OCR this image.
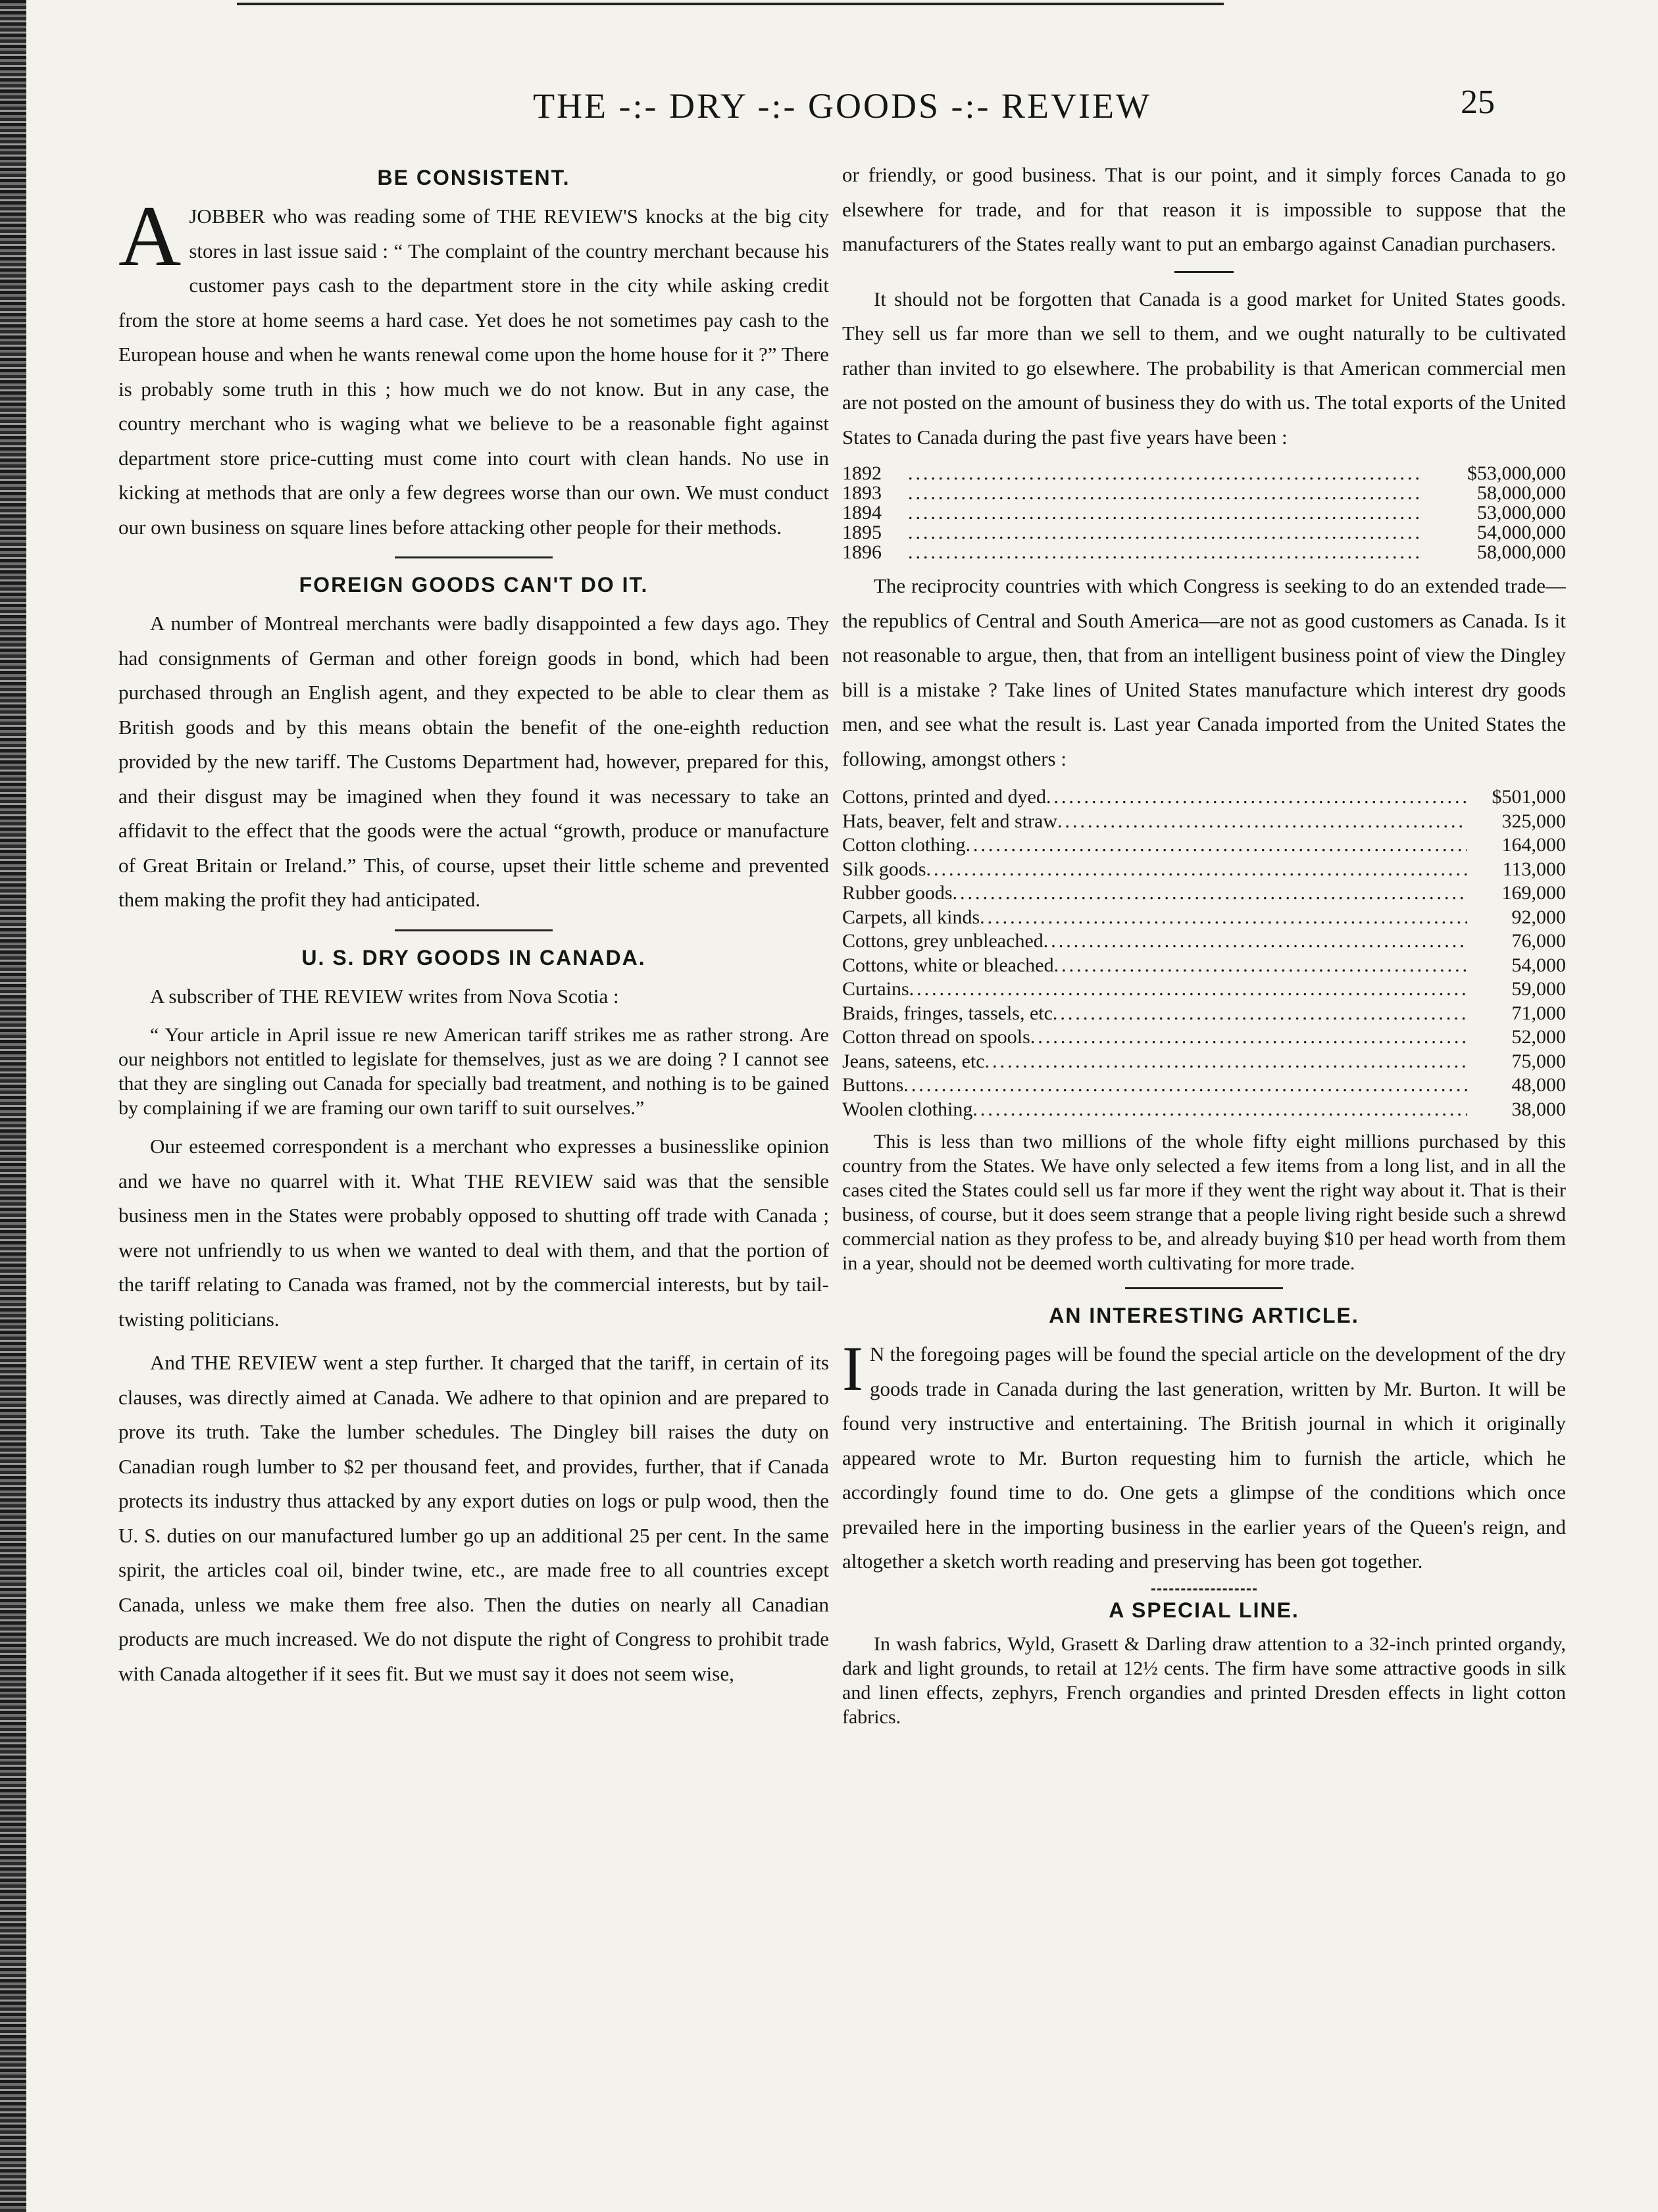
THE -:- DRY -:- GOODS -:- REVIEW	25
BE CONSISTENT.

AJOBBER who was reading some of THE REVIEW'S knocks at the big city stores in last issue said : “ The complaint of the country merchant because his customer pays cash to the department store in the city while asking credit from the store at home seems a hard case. Yet does he not sometimes pay cash to the European house and when he wants renewal come upon the home house for it ?” There is probably some truth in this ; how much we do not know. But in any case, the country merchant who is waging what we believe to be a reasonable fight against department store price-cutting must come into court with clean hands. No use in kicking at methods that are only a few degrees worse than our own. We must conduct our own business on square lines before attacking other people for their methods.

FOREIGN GOODS CAN'T DO IT.

A number of Montreal merchants were badly disappointed a few days ago. They had consignments of German and other foreign goods in bond, which had been purchased through an English agent, and they expected to be able to clear them as British goods and by this means obtain the benefit of the one-eighth reduction provided by the new tariff. The Customs Department had, however, prepared for this, and their disgust may be imagined when they found it was necessary to take an affidavit to the effect that the goods were the actual “growth, produce or manufacture of Great Britain or Ireland.” This, of course, upset their little scheme and prevented them making the profit they had anticipated.

U. S. DRY GOODS IN CANADA.

A subscriber of THE REVIEW writes from Nova Scotia :

“ Your article in April issue re new American tariff strikes me as rather strong. Are our neighbors not entitled to legislate for themselves, just as we are doing ? I cannot see that they are singling out Canada for specially bad treatment, and nothing is to be gained by complaining if we are framing our own tariff to suit ourselves.”

Our esteemed correspondent is a merchant who expresses a businesslike opinion and we have no quarrel with it. What THE REVIEW said was that the sensible business men in the States were probably opposed to shutting off trade with Canada ; were not unfriendly to us when we wanted to deal with them, and that the portion of the tariff relating to Canada was framed, not by the commercial interests, but by tail-twisting politicians.

And THE REVIEW went a step further. It charged that the tariff, in certain of its clauses, was directly aimed at Canada. We adhere to that opinion and are prepared to prove its truth. Take the lumber schedules. The Dingley bill raises the duty on Canadian rough lumber to $2 per thousand feet, and provides, further, that if Canada protects its industry thus attacked by any export duties on logs or pulp wood, then the U. S. duties on our manufactured lumber go up an additional 25 per cent. In the same spirit, the articles coal oil, binder twine, etc., are made free to all countries except Canada, unless we make them free also. Then the duties on nearly all Canadian products are much increased. We do not dispute the right of Congress to prohibit trade with Canada altogether if it sees fit. But we must say it does not seem wise,

or friendly, or good business. That is our point, and it simply forces Canada to go elsewhere for trade, and for that reason it is impossible to suppose that the manufacturers of the States really want to put an embargo against Canadian purchasers.

It should not be forgotten that Canada is a good market for United States goods. They sell us far more than we sell to them, and we ought naturally to be cultivated rather than invited to go elsewhere. The probability is that American commercial men are not posted on the amount of business they do with us. The total exports of the United States to Canada during the past five years have been :

1892 .....	$53,000,000
1893 .....	58,000,000
1894 .....	53,000,000
1895 .....	54,000,000
1896 .....	58,000,000

The reciprocity countries with which Congress is seeking to do an extended trade—the republics of Central and South America—are not as good customers as Canada. Is it not reasonable to argue, then, that from an intelligent business point of view the Dingley bill is a mistake ? Take lines of United States manufacture which interest dry goods men, and see what the result is. Last year Canada imported from the United States the following, amongst others :

Cottons, printed and dyed .....	$501,000
Hats, beaver, felt and straw .....	325,000
Cotton clothing .....	164,000
Silk goods .....	113,000
Rubber goods .....	169,000
Carpets, all kinds .....	92,000
Cottons, grey unbleached .....	76,000
Cottons, white or bleached .....	54,000
Curtains .....	59,000
Braids, fringes, tassels, etc .....	71,000
Cotton thread on spools .....	52,000
Jeans, sateens, etc .....	75,000
Buttons .....	48,000
Woolen clothing .....	38,000

This is less than two millions of the whole fifty eight millions purchased by this country from the States. We have only selected a few items from a long list, and in all the cases cited the States could sell us far more if they went the right way about it. That is their business, of course, but it does seem strange that a people living right beside such a shrewd commercial nation as they profess to be, and already buying $10 per head worth from them in a year, should not be deemed worth cultivating for more trade.

AN INTERESTING ARTICLE.

I N the foregoing pages will be found the special article on the development of the dry goods trade in Canada during the last generation, written by Mr. Burton. It will be found very instructive and entertaining. The British journal in which it originally appeared wrote to Mr. Burton requesting him to furnish the article, which he accordingly found time to do. One gets a glimpse of the conditions which once prevailed here in the importing business in the earlier years of the Queen's reign, and altogether a sketch worth reading and preserving has been got together.

A SPECIAL LINE.

In wash fabrics, Wyld, Grasett & Darling draw attention to a 32-inch printed organdy, dark and light grounds, to retail at 12½ cents. The firm have some attractive goods in silk and linen effects, zephyrs, French organdies and printed Dresden effects in light cotton fabrics.
